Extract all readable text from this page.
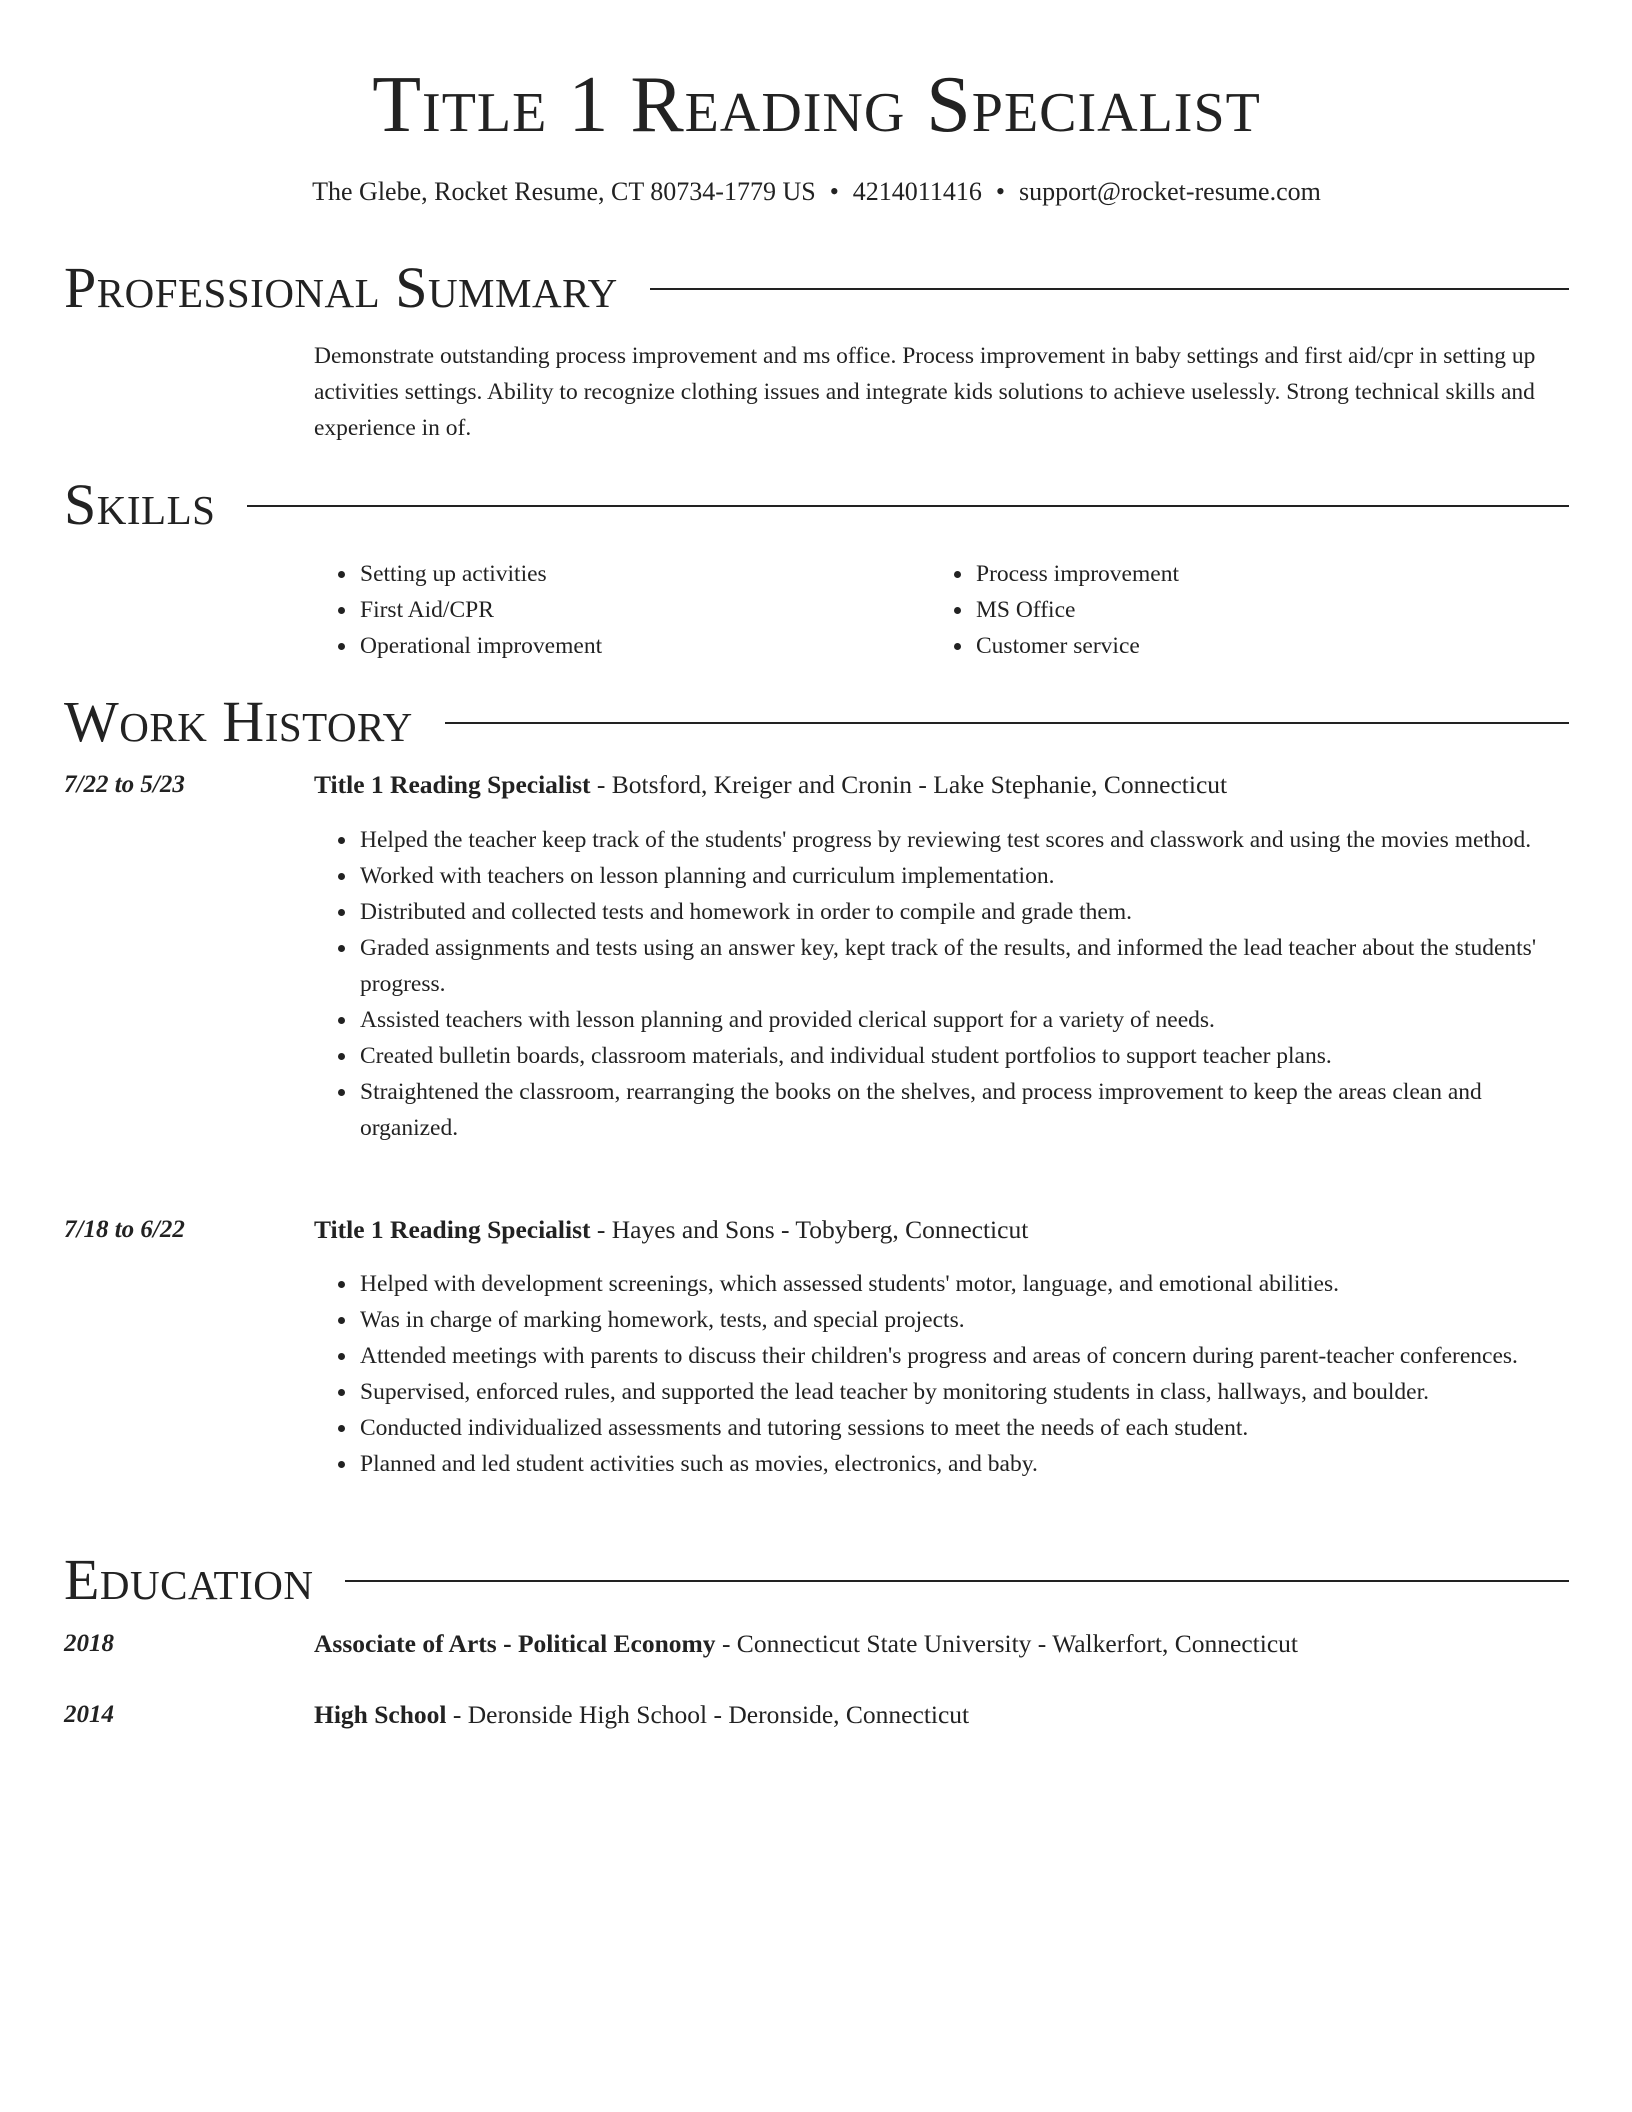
Title 1 Reading Specialist
The Glebe, Rocket Resume, CT 80734-1779 US • 4214011416 • support@rocket-resume.com
Professional Summary

Demonstrate outstanding process improvement and ms office. Process improvement in baby settings and first aid/cpr in setting up activities settings. Ability to recognize clothing issues and integrate kids solutions to achieve uselessly. Strong technical skills and experience in of.

Skills
• Setting up activities
• First Aid/CPR
• Operational improvement
• Process improvement
• MS Office
• Customer service
Work History
7/22 to 5/23	Title 1 Reading Specialist - Botsford, Kreiger and Cronin - Lake Stephanie, Connecticut
• Helped the teacher keep track of the students' progress by reviewing test scores and classwork and using the movies method.
• Worked with teachers on lesson planning and curriculum implementation.
• Distributed and collected tests and homework in order to compile and grade them.
• Graded assignments and tests using an answer key, kept track of the results, and informed the lead teacher about the students' progress.
• Assisted teachers with lesson planning and provided clerical support for a variety of needs.
• Created bulletin boards, classroom materials, and individual student portfolios to support teacher plans.
• Straightened the classroom, rearranging the books on the shelves, and process improvement to keep the areas clean and organized.
7/18 to 6/22	Title 1 Reading Specialist - Hayes and Sons - Tobyberg, Connecticut
• Helped with development screenings, which assessed students' motor, language, and emotional abilities.
• Was in charge of marking homework, tests, and special projects.
• Attended meetings with parents to discuss their children's progress and areas of concern during parent-teacher conferences.
• Supervised, enforced rules, and supported the lead teacher by monitoring students in class, hallways, and boulder.
• Conducted individualized assessments and tutoring sessions to meet the needs of each student.
• Planned and led student activities such as movies, electronics, and baby.
Education
2018	Associate of Arts - Political Economy - Connecticut State University - Walkerfort, Connecticut
2014	High School - Deronside High School - Deronside, Connecticut
